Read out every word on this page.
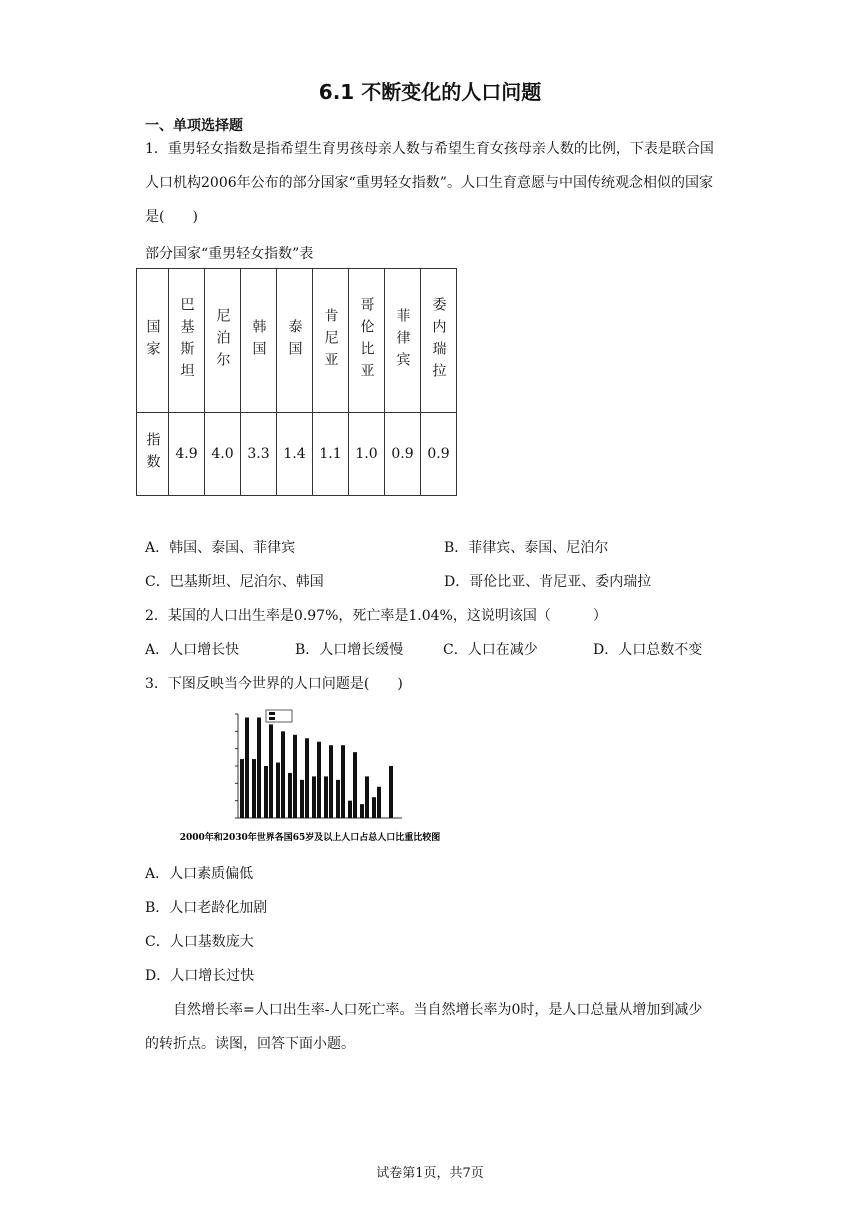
6.1 不断变化的人口问题
一、单项选择题
1．重男轻女指数是指希望生育男孩母亲人数与希望生育女孩母亲人数的比例，下表是联合国人口机构2006年公布的部分国家“重男轻女指数”。人口生育意愿与中国传统观念相似的国家是(　　)
部分国家“重男轻女指数”表
国家	巴基斯坦	尼泊尔	韩国	泰国	肯尼亚	哥伦比亚	菲律宾	委内瑞拉

指数	4.9	4.0	3.3	1.4	1.1	1.0	0.9	0.9
A．韩国、泰国、菲律宾	B．菲律宾、泰国、尼泊尔
C．巴基斯坦、尼泊尔、韩国	D．哥伦比亚、肯尼亚、委内瑞拉
2．某国的人口出生率是0.97%，死亡率是1.04%，这说明该国（　　　）
A．人口增长快	B．人口增长缓慢	C．人口在减少	D．人口总数不变
3．下图反映当今世界的人口问题是(　　)
2000年和2030年世界各国65岁及以上人口占总人口比重比较图
A．人口素质偏低
B．人口老龄化加剧
C．人口基数庞大
D．人口增长过快
自然增长率=人口出生率-人口死亡率。当自然增长率为0时，是人口总量从增加到减少的转折点。读图，回答下面小题。
试卷第1页，共7页
